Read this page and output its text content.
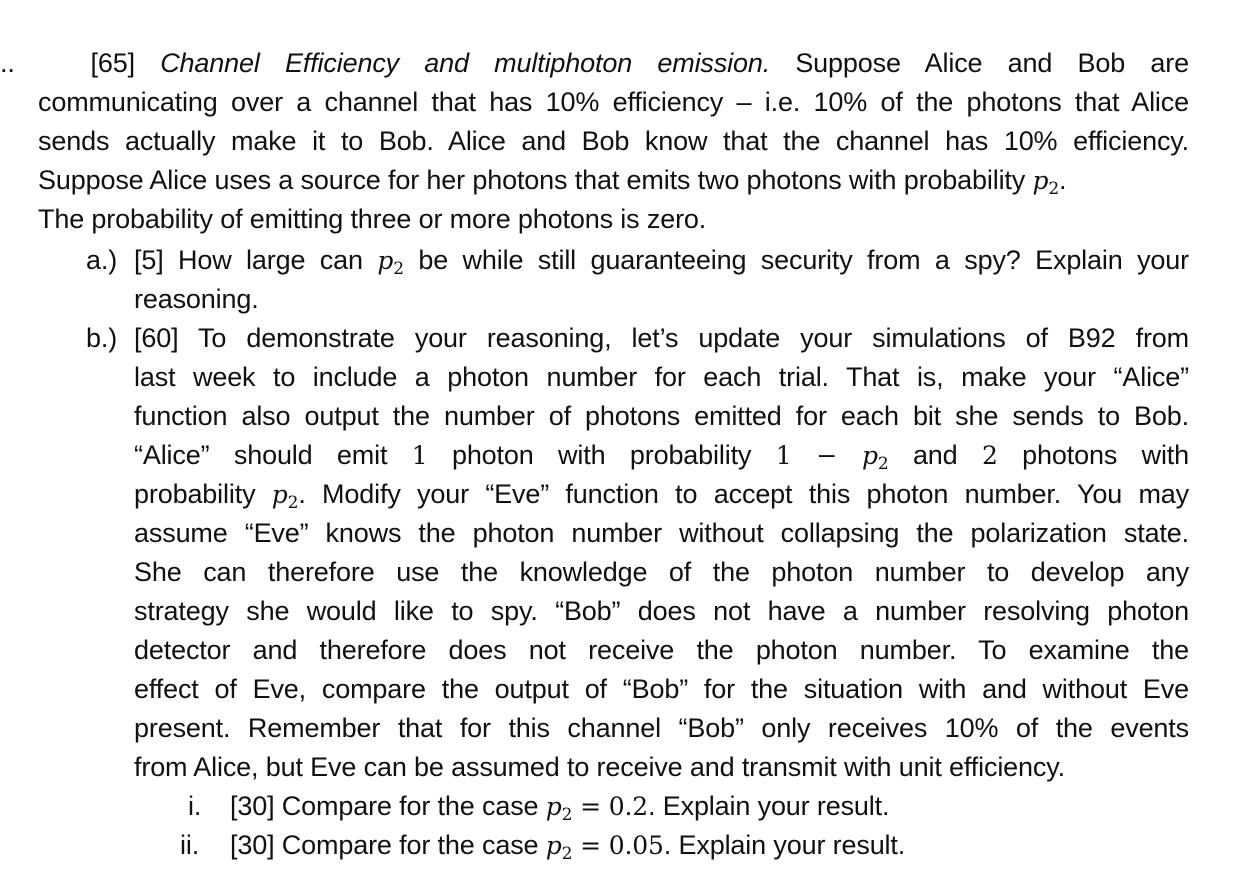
..	[65] Channel Efficiency and multiphoton emission. Suppose Alice and Bob are
communicating over a channel that has 10% efficiency – i.e. 10% of the photons that Alice
sends actually make it to Bob. Alice and Bob know that the channel has 10% efficiency.
Suppose Alice uses a source for her photons that emits two photons with probability $p_2$.
The probability of emitting three or more photons is zero.
a.) [5] How large can $p_2$ be while still guaranteeing security from a spy? Explain your
reasoning.
b.) [60] To demonstrate your reasoning, let’s update your simulations of B92 from
last week to include a photon number for each trial. That is, make your “Alice”
function also output the number of photons emitted for each bit she sends to Bob.
“Alice” should emit 1 photon with probability $1 - p_2$ and 2 photons with
probability $p_2$. Modify your “Eve” function to accept this photon number. You may
assume “Eve” knows the photon number without collapsing the polarization state.
She can therefore use the knowledge of the photon number to develop any
strategy she would like to spy. “Bob” does not have a number resolving photon
detector and therefore does not receive the photon number. To examine the
effect of Eve, compare the output of “Bob” for the situation with and without Eve
present. Remember that for this channel “Bob” only receives 10% of the events
from Alice, but Eve can be assumed to receive and transmit with unit efficiency.
i. [30] Compare for the case $p_2 = 0.2$. Explain your result.
ii. [30] Compare for the case $p_2 = 0.05$. Explain your result.
